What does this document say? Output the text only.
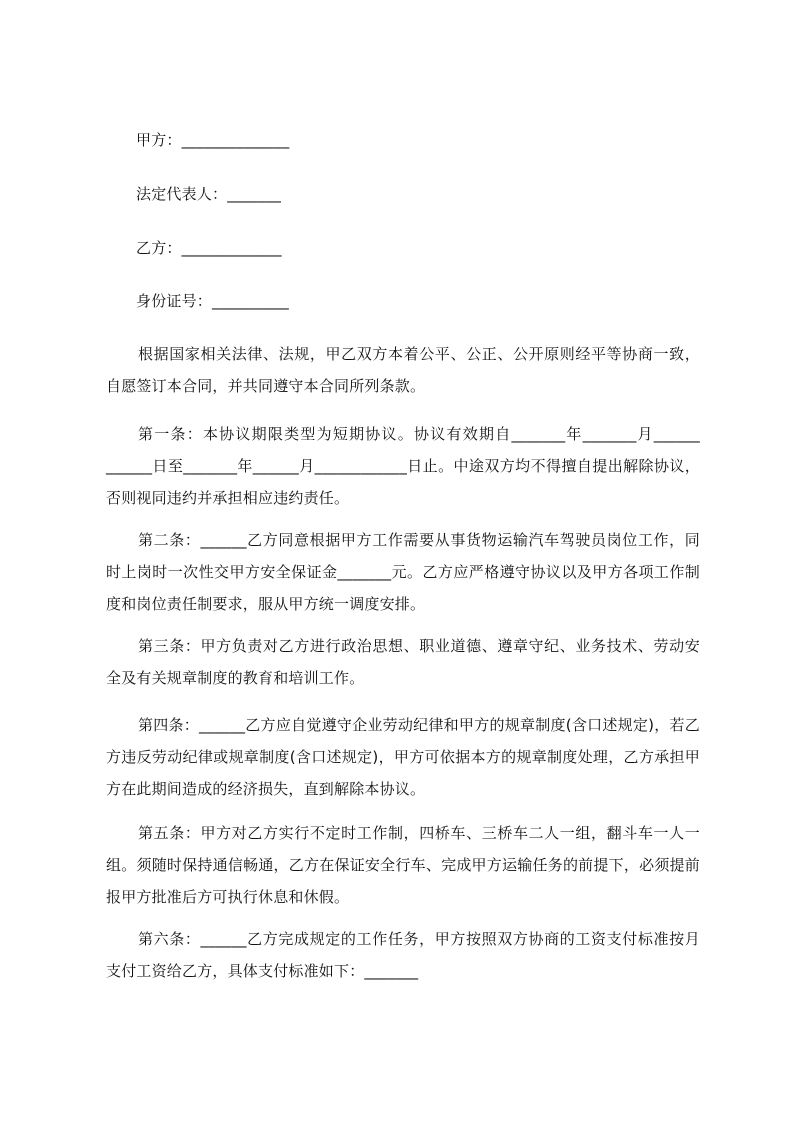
甲方：______________
法定代表人：_______
乙方：_____________
身份证号：__________
根据国家相关法律、法规，甲乙双方本着公平、公正、公开原则经平等协商一致，自愿签订本合同，并共同遵守本合同所列条款。
第一条：本协议期限类型为短期协议。协议有效期自_______年_______月______ ______日至_______年______月____________日止。中途双方均不得擅自提出解除协议，否则视同违约并承担相应违约责任。
第二条：______乙方同意根据甲方工作需要从事货物运输汽车驾驶员岗位工作，同时上岗时一次性交甲方安全保证金_______元。乙方应严格遵守协议以及甲方各项工作制度和岗位责任制要求，服从甲方统一调度安排。
第三条：甲方负责对乙方进行政治思想、职业道德、遵章守纪、业务技术、劳动安全及有关规章制度的教育和培训工作。
第四条：______乙方应自觉遵守企业劳动纪律和甲方的规章制度(含口述规定)，若乙方违反劳动纪律或规章制度(含口述规定)，甲方可依据本方的规章制度处理，乙方承担甲方在此期间造成的经济损失，直到解除本协议。
第五条：甲方对乙方实行不定时工作制，四桥车、三桥车二人一组，翻斗车一人一组。须随时保持通信畅通，乙方在保证安全行车、完成甲方运输任务的前提下，必须提前报甲方批准后方可执行休息和休假。
第六条：______乙方完成规定的工作任务，甲方按照双方协商的工资支付标准按月支付工资给乙方，具体支付标准如下：_______
